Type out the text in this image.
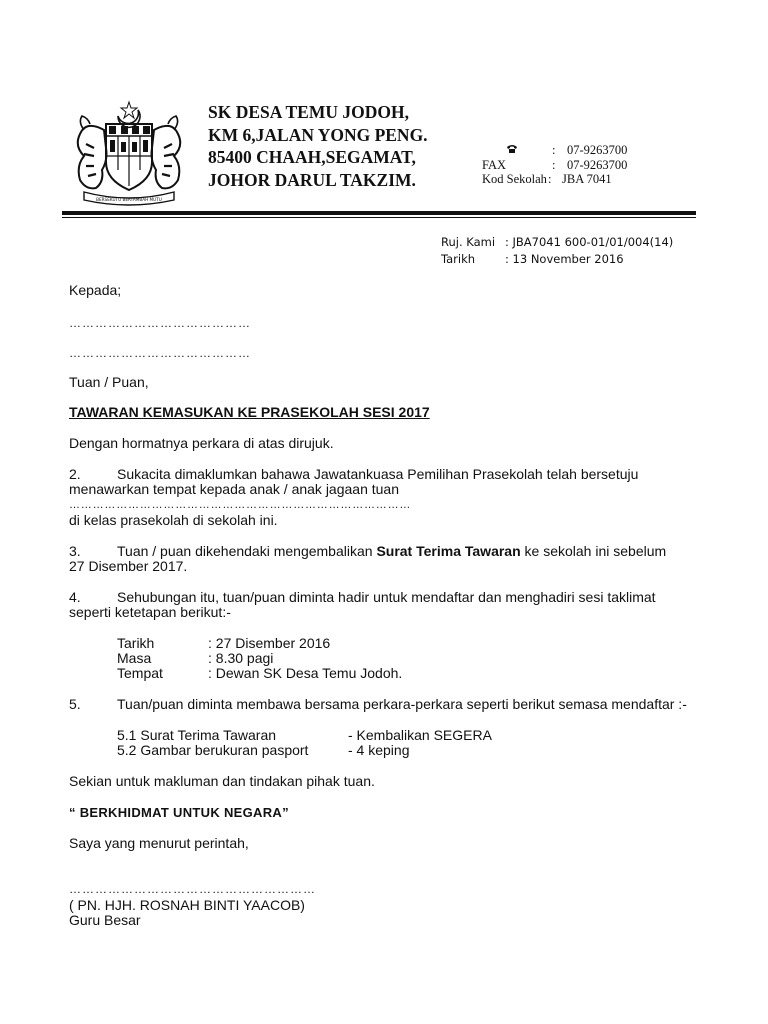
BERSEKUTU BERTAMBAH MUTU
SK DESA TEMU JODOH,
KM 6,JALAN YONG PENG.
85400 CHAAH,SEGAMAT,
JOHOR DARUL TAKZIM.
: 07-9263700
FAX	: 07-9263700
Kod Sekolah : JBA 7041
Ruj. Kami : JBA7041 600-01/01/004(14)
Tarikh	: 13 November 2016
Kepada;
……………………………………
……………………………………
Tuan / Puan,
TAWARAN KEMASUKAN KE PRASEKOLAH SESI 2017
Dengan hormatnya perkara di atas dirujuk.
2.	Sukacita dimaklumkan bahawa Jawatankuasa Pemilihan Prasekolah telah bersetuju
menawarkan tempat kepada anak / anak jagaan tuan
……………………………………………………………………………
di kelas prasekolah di sekolah ini.
3.	Tuan / puan dikehendaki mengembalikan Surat Terima Tawaran ke sekolah ini sebelum
27 Disember 2017.
4.	Sehubungan itu, tuan/puan diminta hadir untuk mendaftar dan menghadiri sesi taklimat
seperti ketetapan berikut:-
Tarikh	: 27 Disember 2016
Masa	: 8.30 pagi
Tempat	: Dewan SK Desa Temu Jodoh.
5.	Tuan/puan diminta membawa bersama perkara-perkara seperti berikut semasa mendaftar :-
5.1 Surat Terima Tawaran	- Kembalikan SEGERA
5.2 Gambar berukuran pasport	- 4 keping
Sekian untuk makluman dan tindakan pihak tuan.
“ BERKHIDMAT UNTUK NEGARA”
Saya yang menurut perintah,
…………………………………………………
( PN. HJH. ROSNAH BINTI YAACOB)
Guru Besar
